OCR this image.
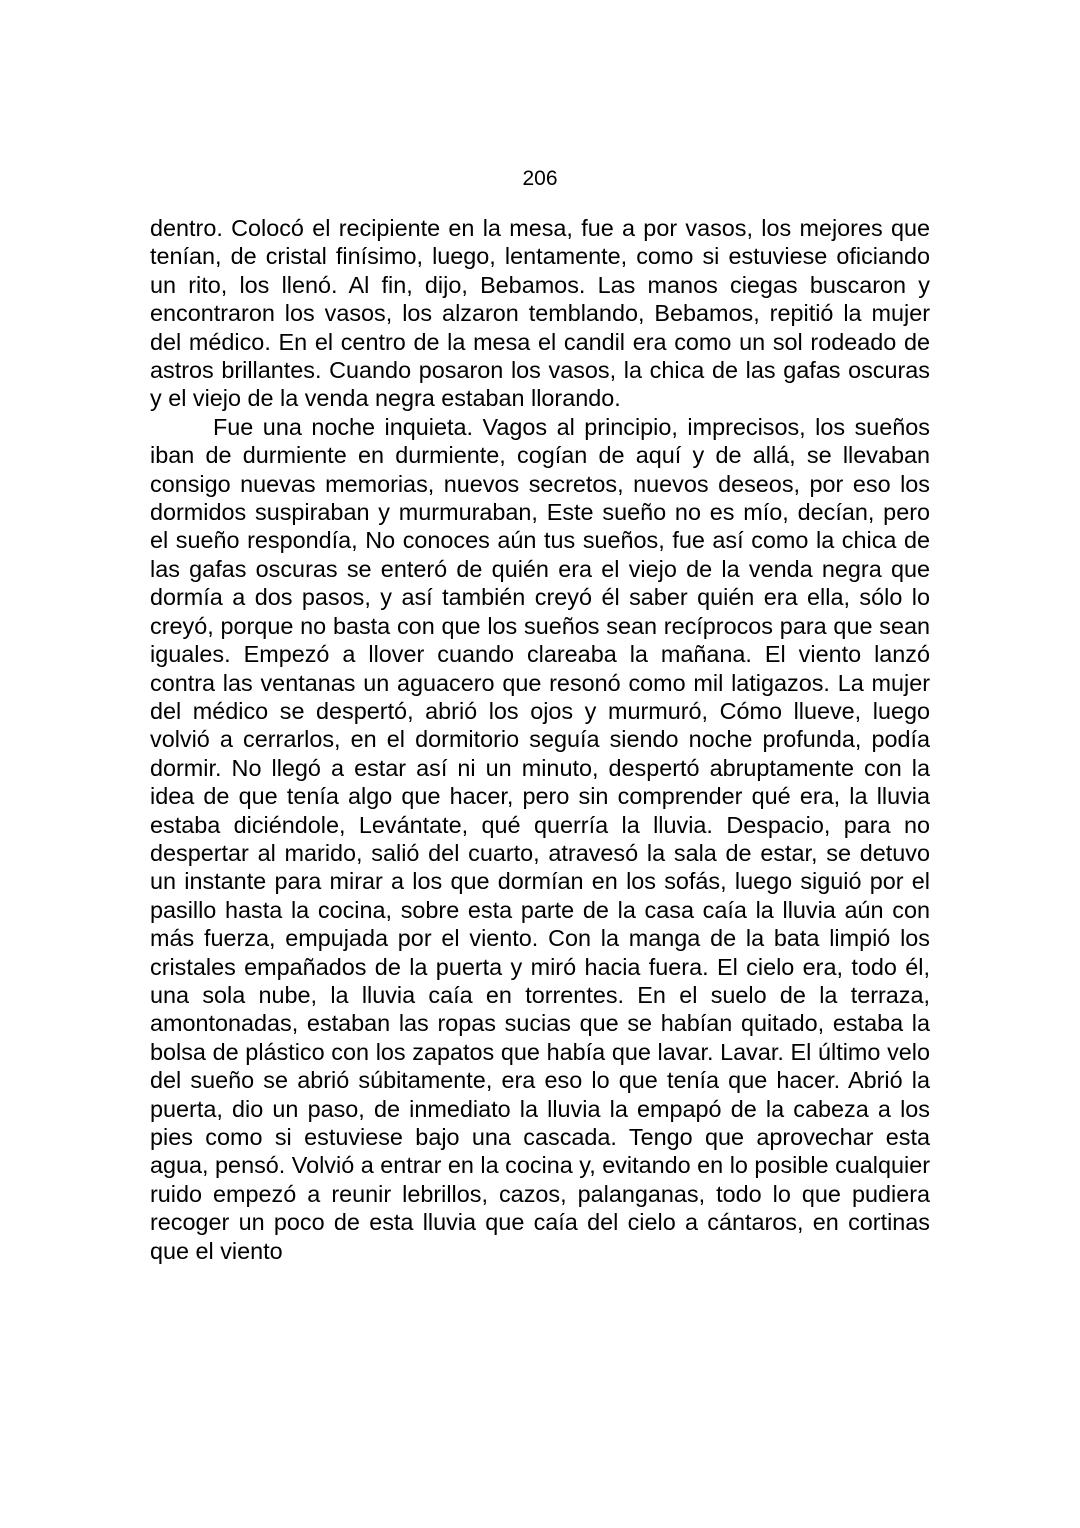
206

dentro. Colocó el recipiente en la mesa, fue a por vasos, los mejores que tenían, de cristal finísimo, luego, lentamente, como si estuviese oficiando un rito, los llenó. Al fin, dijo, Bebamos. Las manos ciegas buscaron y encontraron los vasos, los alzaron temblando, Bebamos, repitió la mujer del médico. En el centro de la mesa el candil era como un sol rodeado de astros brillantes. Cuando posaron los vasos, la chica de las gafas oscuras y el viejo de la venda negra estaban llorando.

Fue una noche inquieta. Vagos al principio, imprecisos, los sueños iban de durmiente en durmiente, cogían de aquí y de allá, se llevaban consigo nuevas memorias, nuevos secretos, nuevos deseos, por eso los dormidos suspiraban y murmuraban, Este sueño no es mío, decían, pero el sueño respondía, No conoces aún tus sueños, fue así como la chica de las gafas oscuras se enteró de quién era el viejo de la venda negra que dormía a dos pasos, y así también creyó él saber quién era ella, sólo lo creyó, porque no basta con que los sueños sean recíprocos para que sean iguales. Empezó a llover cuando clareaba la mañana. El viento lanzó contra las ventanas un aguacero que resonó como mil latigazos. La mujer del médico se despertó, abrió los ojos y murmuró, Cómo llueve, luego volvió a cerrarlos, en el dormitorio seguía siendo noche profunda, podía dormir. No llegó a estar así ni un minuto, despertó abruptamente con la idea de que tenía algo que hacer, pero sin comprender qué era, la lluvia estaba diciéndole, Levántate, qué querría la lluvia. Despacio, para no despertar al marido, salió del cuarto, atravesó la sala de estar, se detuvo un instante para mirar a los que dormían en los sofás, luego siguió por el pasillo hasta la cocina, sobre esta parte de la casa caía la lluvia aún con más fuerza, empujada por el viento. Con la manga de la bata limpió los cristales empañados de la puerta y miró hacia fuera. El cielo era, todo él, una sola nube, la lluvia caía en torrentes. En el suelo de la terraza, amontonadas, estaban las ropas sucias que se habían quitado, estaba la bolsa de plástico con los zapatos que había que lavar. Lavar. El último velo del sueño se abrió súbitamente, era eso lo que tenía que hacer. Abrió la puerta, dio un paso, de inmediato la lluvia la empapó de la cabeza a los pies como si estuviese bajo una cascada. Tengo que aprovechar esta agua, pensó. Volvió a entrar en la cocina y, evitando en lo posible cualquier ruido empezó a reunir lebrillos, cazos, palanganas, todo lo que pudiera recoger un poco de esta lluvia que caía del cielo a cántaros, en cortinas que el viento
